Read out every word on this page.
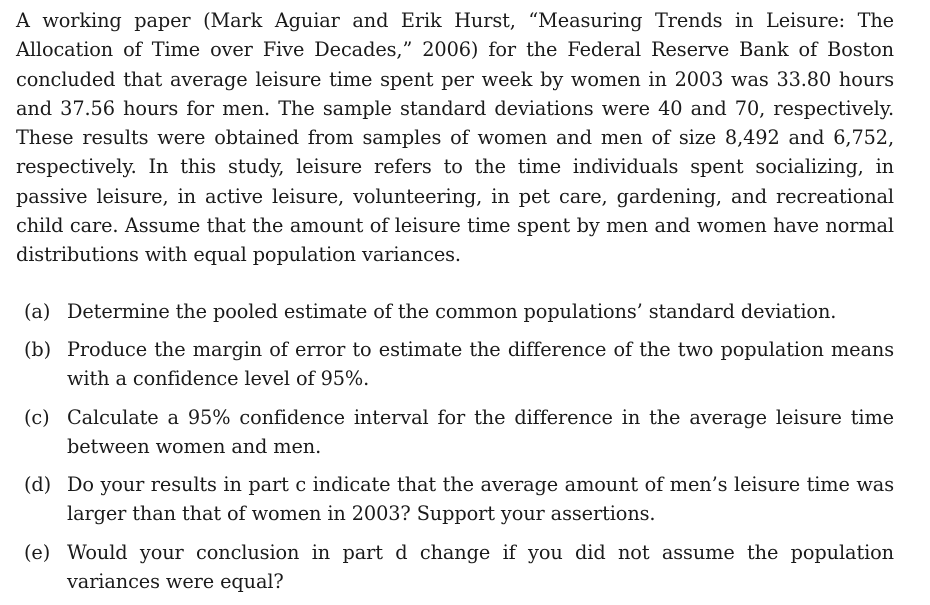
A working paper (Mark Aguiar and Erik Hurst, “Measuring Trends in Leisure: The Allocation of Time over Five Decades,” 2006) for the Federal Reserve Bank of Boston concluded that average leisure time spent per week by women in 2003 was 33.80 hours and 37.56 hours for men. The sample standard deviations were 40 and 70, respectively. These results were obtained from samples of women and men of size 8,492 and 6,752, respectively. In this study, leisure refers to the time individuals spent socializing, in passive leisure, in active leisure, volunteering, in pet care, gardening, and recreational child care. Assume that the amount of leisure time spent by men and women have normal distributions with equal population variances.

(a) Determine the pooled estimate of the common populations’ standard deviation.
(b) Produce the margin of error to estimate the difference of the two population means with a confidence level of 95%.
(c) Calculate a 95% confidence interval for the difference in the average leisure time between women and men.
(d) Do your results in part c indicate that the average amount of men’s leisure time was larger than that of women in 2003? Support your assertions.
(e) Would your conclusion in part d change if you did not assume the population variances were equal?
